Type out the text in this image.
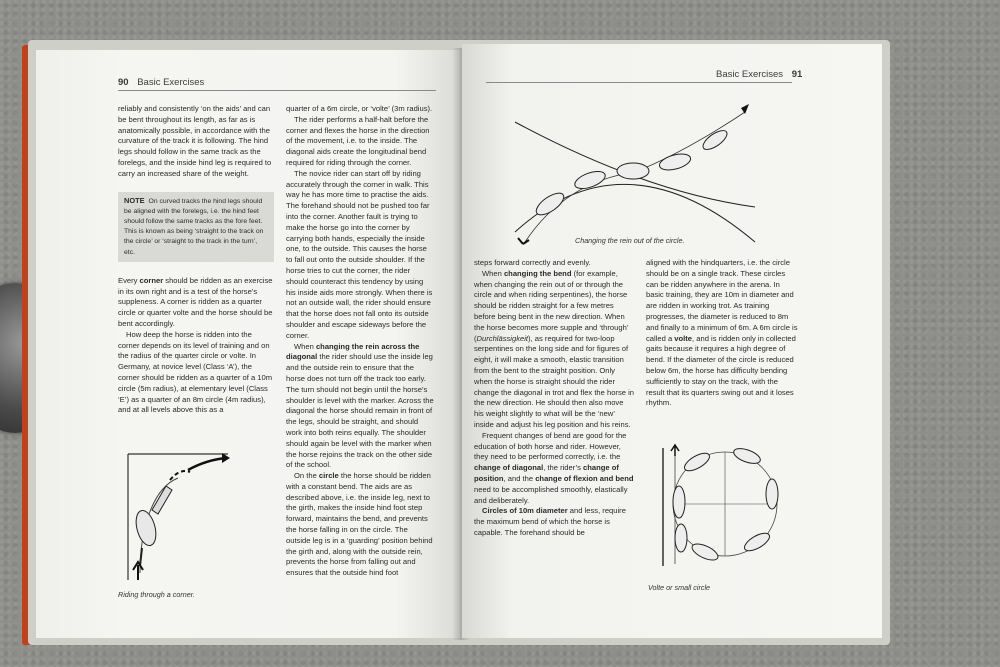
90 Basic Exercises

reliably and consistently ‘on the aids’ and can be bent throughout its length, as far as is anatomically possible, in accordance with the curvature of the track it is following. The hind legs should follow in the same track as the forelegs, and the inside hind leg is required to carry an increased share of the weight.

NOTE On curved tracks the hind legs should be aligned with the forelegs, i.e. the hind feet should follow the same tracks as the fore feet. This is known as being ‘straight to the track on the circle’ or ‘straight to the track in the turn’, etc.

Every corner should be ridden as an exercise in its own right and is a test of the horse’s suppleness. A corner is ridden as a quarter circle or quarter volte and the horse should be bent accordingly.

How deep the horse is ridden into the corner depends on its level of training and on the radius of the quarter circle or volte. In Germany, at novice level (Class ‘A’), the corner should be ridden as a quarter of a 10m circle (5m radius), at elementary level (Class ‘E’) as a quarter of an 8m circle (4m radius), and at all levels above this as a

Riding through a corner.

quarter of a 6m circle, or ‘volte’ (3m radius).

The rider performs a half-halt before the corner and flexes the horse in the direction of the movement, i.e. to the inside. The diagonal aids create the longitudinal bend required for riding through the corner.

The novice rider can start off by riding accurately through the corner in walk. This way he has more time to practise the aids. The forehand should not be pushed too far into the corner. Another fault is trying to make the horse go into the corner by carrying both hands, especially the inside one, to the outside. This causes the horse to fall out onto the outside shoulder. If the horse tries to cut the corner, the rider should counteract this tendency by using his inside aids more strongly. When there is not an outside wall, the rider should ensure that the horse does not fall onto its outside shoulder and escape sideways before the corner.

When changing the rein across the diagonal the rider should use the inside leg and the outside rein to ensure that the horse does not turn off the track too early. The turn should not begin until the horse’s shoulder is level with the marker. Across the diagonal the horse should remain in front of the legs, should be straight, and should work into both reins equally. The shoulder should again be level with the marker when the horse rejoins the track on the other side of the school.

On the circle the horse should be ridden with a constant bend. The aids are as described above, i.e. the inside leg, next to the girth, makes the inside hind foot step forward, maintains the bend, and prevents the horse falling in on the circle. The outside leg is in a ‘guarding’ position behind the girth and, along with the outside rein, prevents the horse from falling out and ensures that the outside hind foot

Basic Exercises 91
Changing the rein out of the circle.

steps forward correctly and evenly.

When changing the bend (for example, when changing the rein out of or through the circle and when riding serpentines), the horse should be ridden straight for a few metres before being bent in the new direction. When the horse becomes more supple and ‘through’ (Durchlässigkeit), as required for two-loop serpentines on the long side and for figures of eight, it will make a smooth, elastic transition from the bent to the straight position. Only when the horse is straight should the rider change the diagonal in trot and flex the horse in the new direction. He should then also move his weight slightly to what will be the ‘new’ inside and adjust his leg position and his reins.

Frequent changes of bend are good for the education of both horse and rider. However, they need to be performed correctly, i.e. the change of diagonal, the rider’s change of position, and the change of flexion and bend need to be accomplished smoothly, elastically and deliberately.

Circles of 10m diameter and less, require the maximum bend of which the horse is capable. The forehand should be

aligned with the hindquarters, i.e. the circle should be on a single track. These circles can be ridden anywhere in the arena. In basic training, they are 10m in diameter and are ridden in working trot. As training progresses, the diameter is reduced to 8m and finally to a minimum of 6m. A 6m circle is called a volte, and is ridden only in collected gaits because it requires a high degree of bend. If the diameter of the circle is reduced below 6m, the horse has difficulty bending sufficiently to stay on the track, with the result that its quarters swing out and it loses rhythm.

Volte or small circle
